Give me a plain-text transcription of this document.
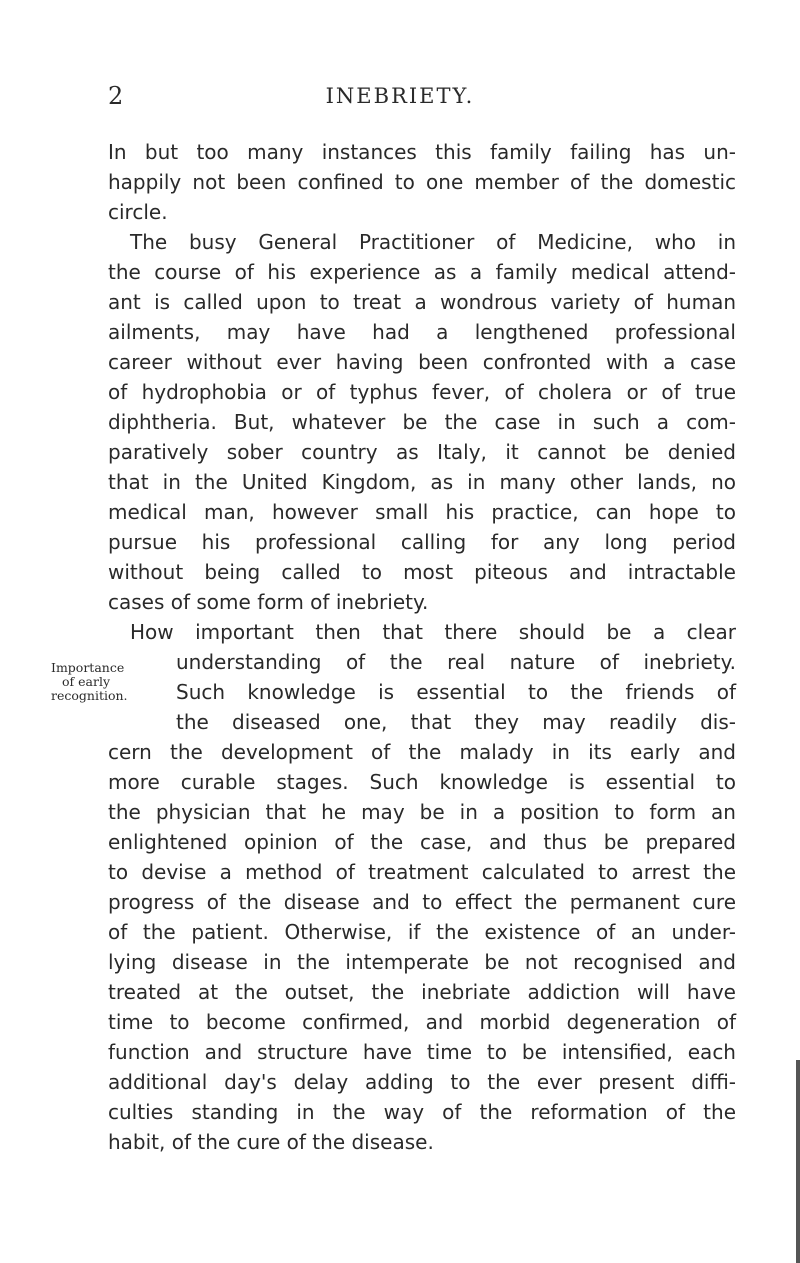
2	INEBRIETY.
Importance
of early
recognition.
In but too many instances this family failing has un-
happily not been confined to one member of the domestic
circle.
The busy General Practitioner of Medicine, who in
the course of his experience as a family medical attend-
ant is called upon to treat a wondrous variety of human
ailments, may have had a lengthened professional
career without ever having been confronted with a case
of hydrophobia or of typhus fever, of cholera or of true
diphtheria. But, whatever be the case in such a com-
paratively sober country as Italy, it cannot be denied
that in the United Kingdom, as in many other lands, no
medical man, however small his practice, can hope to
pursue his professional calling for any long period
without being called to most piteous and intractable
cases of some form of inebriety.
How important then that there should be a clear
understanding of the real nature of inebriety.
Such knowledge is essential to the friends of
the diseased one, that they may readily dis-
cern the development of the malady in its early and
more curable stages. Such knowledge is essential to
the physician that he may be in a position to form an
enlightened opinion of the case, and thus be prepared
to devise a method of treatment calculated to arrest the
progress of the disease and to effect the permanent cure
of the patient. Otherwise, if the existence of an under-
lying disease in the intemperate be not recognised and
treated at the outset, the inebriate addiction will have
time to become confirmed, and morbid degeneration of
function and structure have time to be intensified, each
additional day's delay adding to the ever present diffi-
culties standing in the way of the reformation of the
habit, of the cure of the disease.
